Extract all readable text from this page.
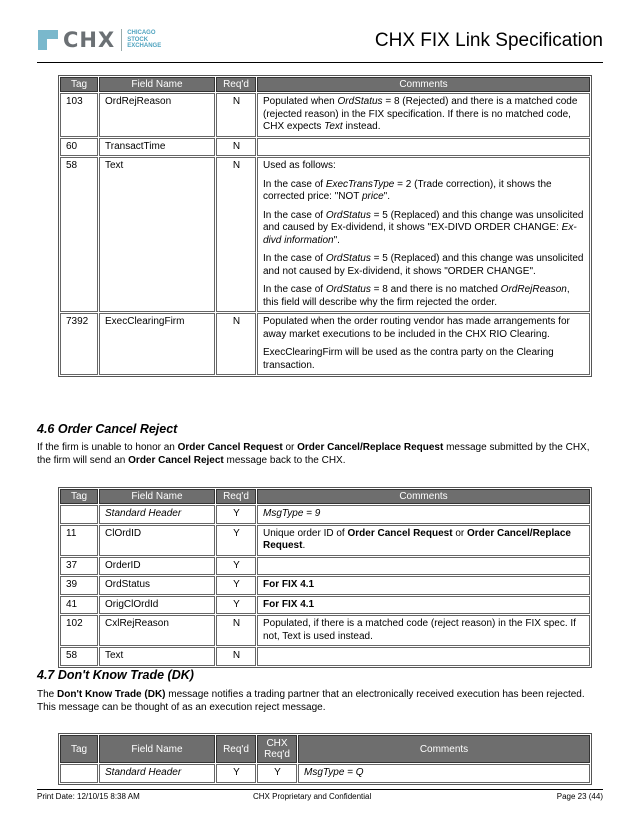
CHX CHICAGO
STOCK
EXCHANGE	CHX FIX Link Specification
Tag	Field Name	Req'd	Comments
103	OrdRejReason	N	Populated when OrdStatus = 8 (Rejected) and there is a matched code (rejected reason) in the FIX specification. If there is no matched code, CHX expects Text instead.

60	TransactTime	N	
58	Text	N	Used as follows:

In the case of ExecTransType = 2 (Trade correction), it shows the corrected price: "NOT price".

In the case of OrdStatus = 5 (Replaced) and this change was unsolicited and caused by Ex-dividend, it shows "EX-DIVD ORDER CHANGE: Ex-divd information".

In the case of OrdStatus = 5 (Replaced) and this change was unsolicited and not caused by Ex-dividend, it shows "ORDER CHANGE".

In the case of OrdStatus = 8 and there is no matched OrdRejReason, this field will describe why the firm rejected the order.

7392	ExecClearingFirm	N	Populated when the order routing vendor has made arrangements for away market executions to be included in the CHX RIO Clearing.

ExecClearingFirm will be used as the contra party on the Clearing transaction.

4.6 Order Cancel Reject
If the firm is unable to honor an Order Cancel Request or Order Cancel/Replace Request message submitted by the CHX, the firm will send an Order Cancel Reject message back to the CHX.
Tag	Field Name	Req'd	Comments
	Standard Header	Y	MsgType = 9

11	ClOrdID	Y	Unique order ID of Order Cancel Request or Order Cancel/Replace Request.

37	OrderID	Y	
39	OrdStatus	Y	For FIX 4.1

41	OrigClOrdId	Y	For FIX 4.1

102	CxlRejReason	N	Populated, if there is a matched code (reject reason) in the FIX spec. If not, Text is used instead.

58	Text	N	
4.7 Don't Know Trade (DK)
The Don't Know Trade (DK) message notifies a trading partner that an electronically received execution has been rejected. This message can be thought of as an execution reject message.
Tag	Field Name	Req'd	CHX Req'd	Comments
	Standard Header	Y	Y	MsgType = Q

Print Date: 12/10/15 8:38 AM	CHX Proprietary and Confidential	Page 23 (44)
